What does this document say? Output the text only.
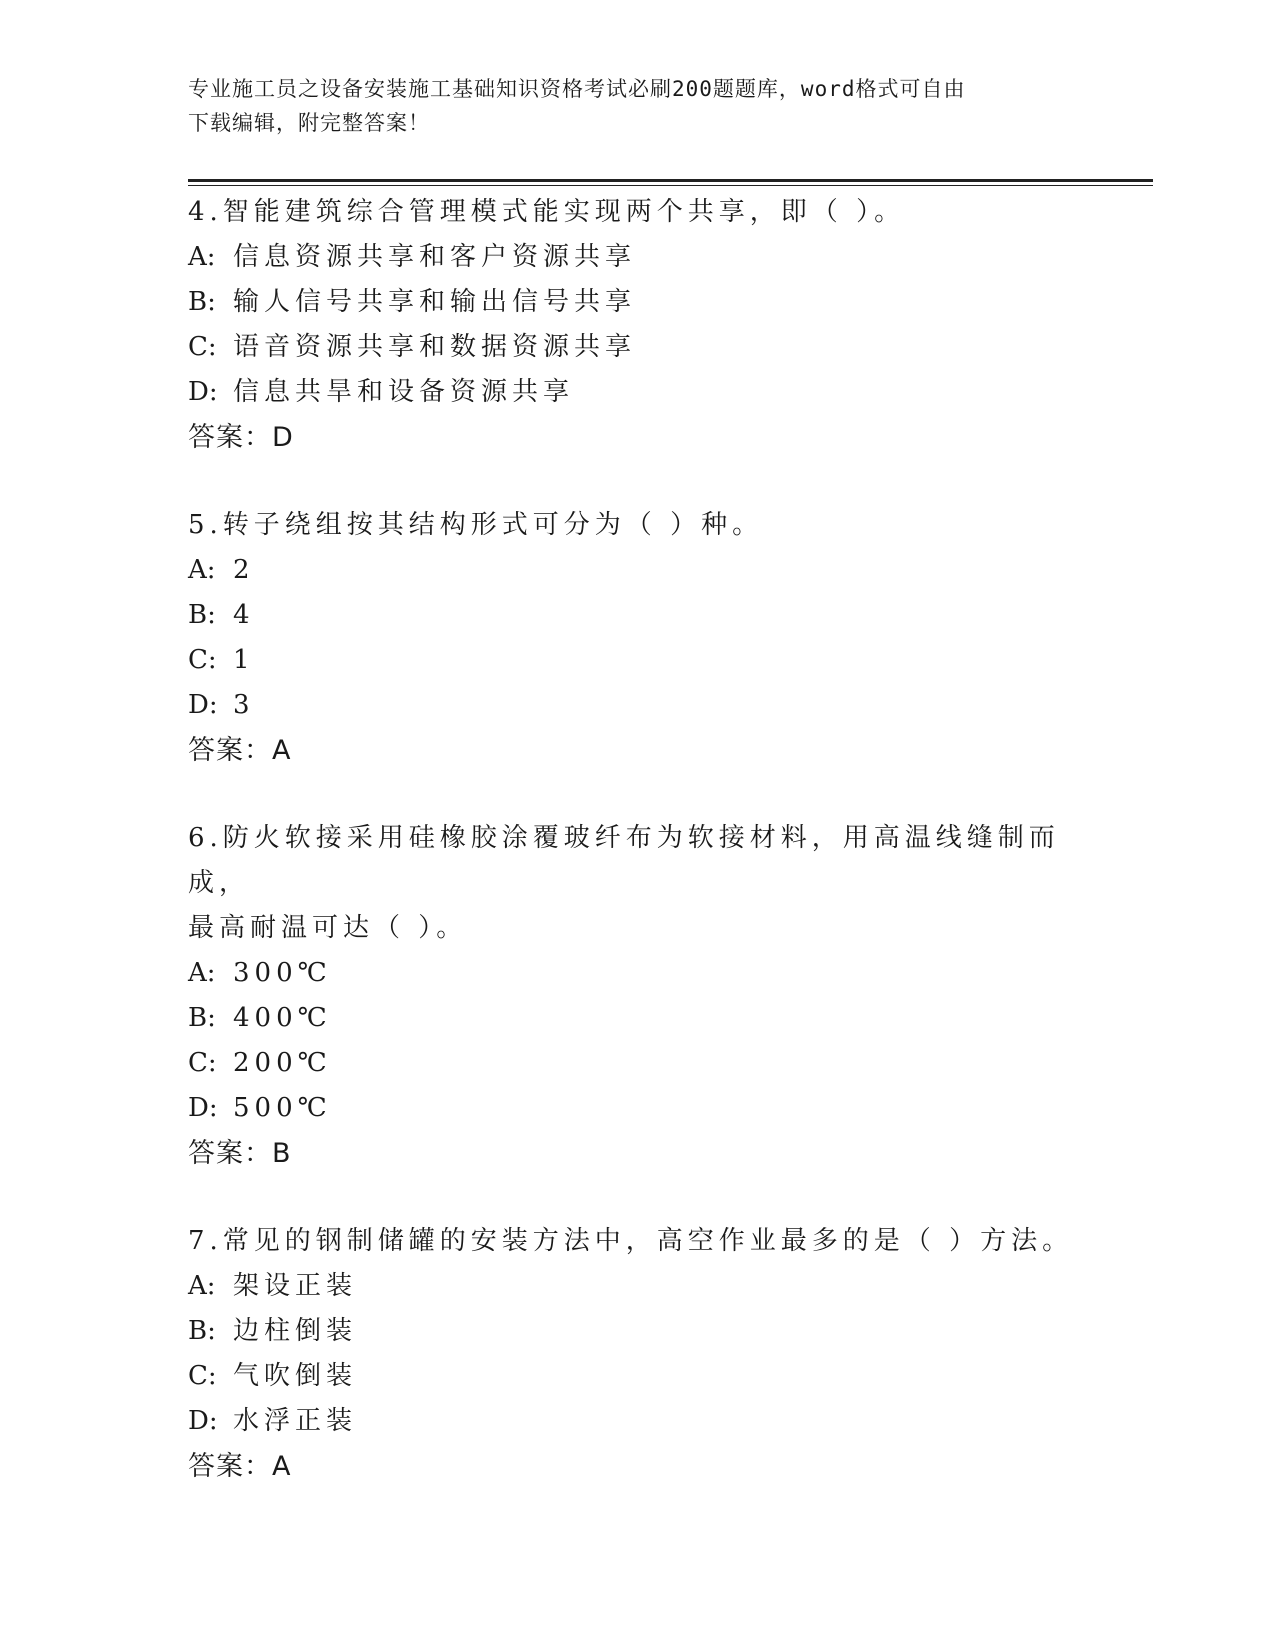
专业施工员之设备安装施工基础知识资格考试必刷200题题库，word格式可自由
下载编辑，附完整答案！

4.智能建筑综合管理模式能实现两个共享，即（ ）。

A: 信息资源共享和客户资源共享

B: 输人信号共享和输出信号共享

C: 语音资源共享和数据资源共享

D: 信息共旱和设备资源共享

答案：D

5.转子绕组按其结构形式可分为（ ）种。

A: 2

B: 4

C: 1

D: 3

答案：A

6.防火软接采用硅橡胶涂覆玻纤布为软接材料，用高温线缝制而成，

最高耐温可达（ ）。

A: 300℃

B: 400℃

C: 200℃

D: 500℃

答案：B

7.常见的钢制储罐的安装方法中，高空作业最多的是（ ）方法。

A: 架设正装

B: 边柱倒装

C: 气吹倒装

D: 水浮正装

答案：A
